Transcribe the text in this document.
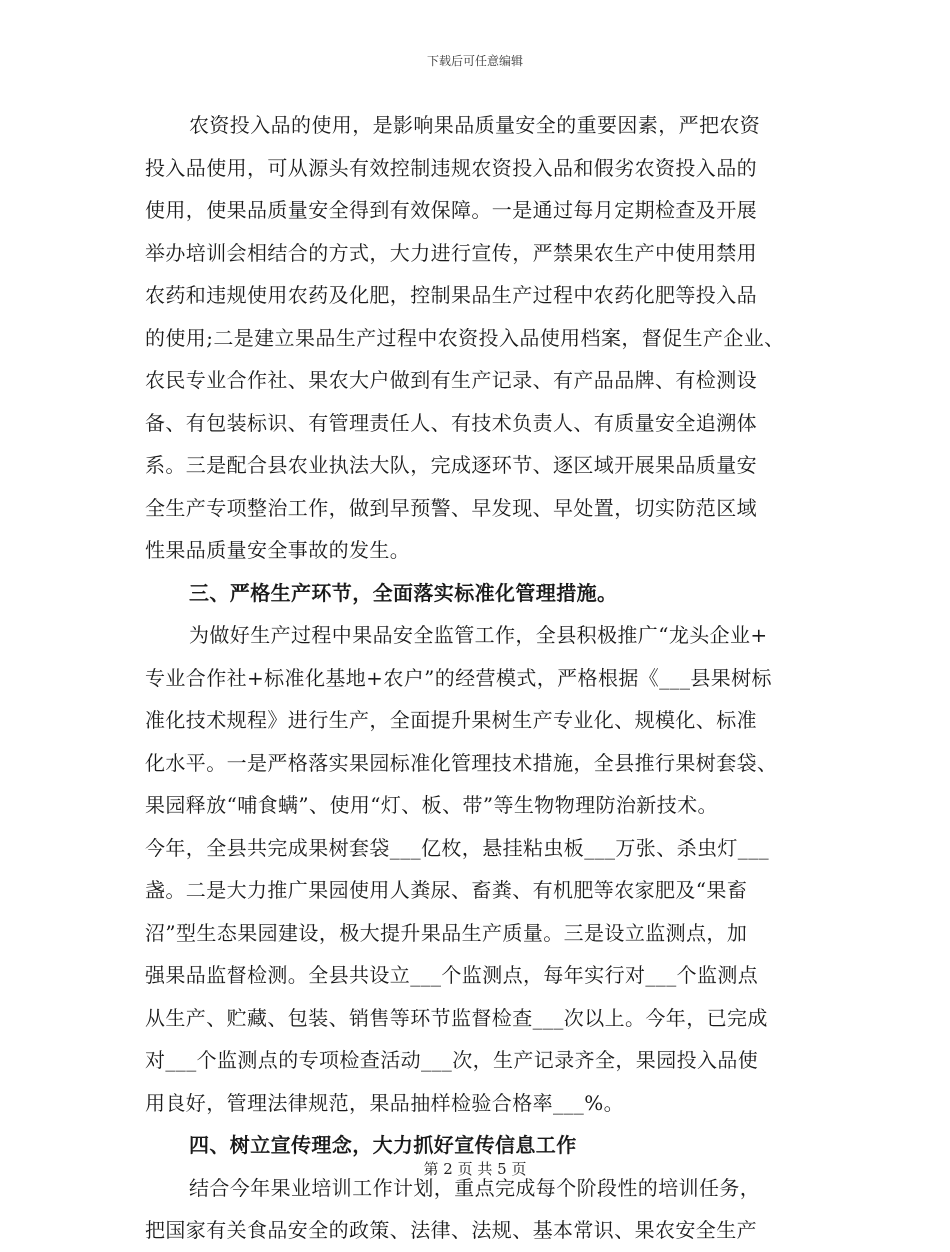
下载后可任意编辑
农资投入品的使用，是影响果品质量安全的重要因素，严把农资
投入品使用，可从源头有效控制违规农资投入品和假劣农资投入品的
使用，使果品质量安全得到有效保障。一是通过每月定期检查及开展
举办培训会相结合的方式，大力进行宣传，严禁果农生产中使用禁用
农药和违规使用农药及化肥，控制果品生产过程中农药化肥等投入品
的使用;二是建立果品生产过程中农资投入品使用档案，督促生产企业、
农民专业合作社、果农大户做到有生产记录、有产品品牌、有检测设
备、有包装标识、有管理责任人、有技术负责人、有质量安全追溯体
系。三是配合县农业执法大队，完成逐环节、逐区域开展果品质量安
全生产专项整治工作，做到早预警、早发现、早处置，切实防范区域
性果品质量安全事故的发生。
三、严格生产环节，全面落实标准化管理措施。
为做好生产过程中果品安全监管工作，全县积极推广“龙头企业+
专业合作社+标准化基地+农户”的经营模式，严格根据《___县果树标
准化技术规程》进行生产，全面提升果树生产专业化、规模化、标准
化水平。一是严格落实果园标准化管理技术措施，全县推行果树套袋、
果园释放“哺食螨”、使用“灯、板、带”等生物物理防治新技术。
今年，全县共完成果树套袋___亿枚，悬挂粘虫板___万张、杀虫灯___
盏。二是大力推广果园使用人粪尿、畜粪、有机肥等农家肥及“果畜
沼”型生态果园建设，极大提升果品生产质量。三是设立监测点，加
强果品监督检测。全县共设立___个监测点，每年实行对___个监测点
从生产、贮藏、包装、销售等环节监督检查___次以上。今年，已完成
对___个监测点的专项检查活动___次，生产记录齐全，果园投入品使
用良好，管理法律规范，果品抽样检验合格率___%。
四、树立宣传理念，大力抓好宣传信息工作
结合今年果业培训工作计划，重点完成每个阶段性的培训任务，
把国家有关食品安全的政策、法律、法规、基本常识、果农安全生产
第 2 页 共 5 页
